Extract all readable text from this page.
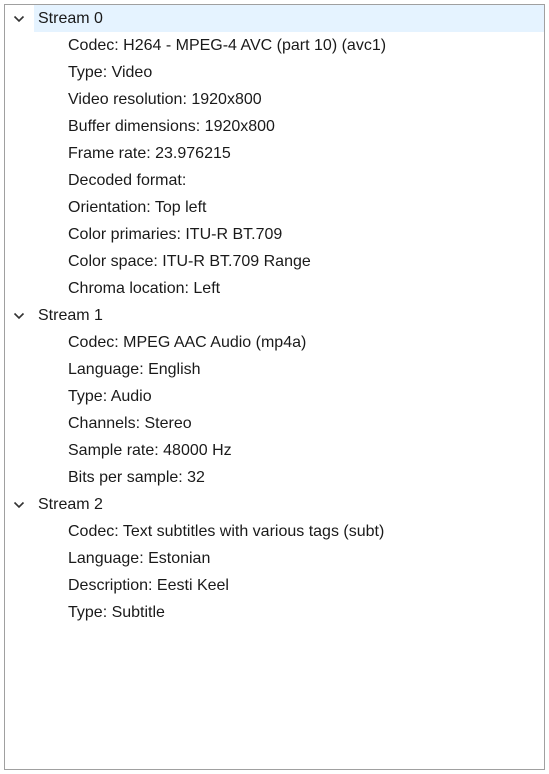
Stream 0
Codec: H264 - MPEG-4 AVC (part 10) (avc1)
Type: Video
Video resolution: 1920x800
Buffer dimensions: 1920x800
Frame rate: 23.976215
Decoded format:
Orientation: Top left
Color primaries: ITU-R BT.709
Color space: ITU-R BT.709 Range
Chroma location: Left
Stream 1
Codec: MPEG AAC Audio (mp4a)
Language: English
Type: Audio
Channels: Stereo
Sample rate: 48000 Hz
Bits per sample: 32
Stream 2
Codec: Text subtitles with various tags (subt)
Language: Estonian
Description: Eesti Keel
Type: Subtitle
